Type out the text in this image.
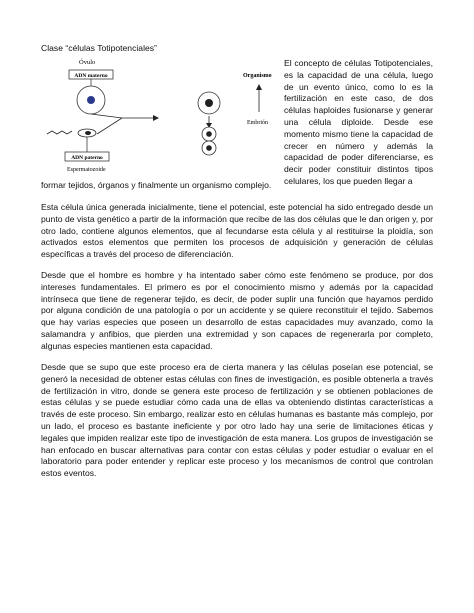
Clase “células Totipotenciales”
Óvulo
ADN materno
ADN paterno
Espermatozoide
Organismo
Embrión
El concepto de células Totipotenciales, es la capacidad de una célula, luego de un evento único, como lo es la fertilización en este caso, de dos células haploides fusionarse y generar una célula diploide. Desde ese momento mismo tiene la capacidad de crecer en número y además la capacidad de poder diferenciarse, es decir poder constituir distintos tipos celulares, los que pueden llegar a
formar tejidos, órganos y finalmente un organismo complejo.
Esta célula única generada inicialmente, tiene el potencial, este potencial ha sido entregado desde un punto de vista genético a partir de la información que recibe de las dos células que le dan origen y, por otro lado, contiene algunos elementos, que al fecundarse esta célula y al restituirse la ploidía, son activados estos elementos que permiten los procesos de adquisición y generación de células específicas a través del proceso de diferenciación.
Desde que el hombre es hombre y ha intentado saber cómo este fenómeno se produce, por dos intereses fundamentales. El primero es por el conocimiento mismo y además por la capacidad intrínseca que tiene de regenerar tejido, es decir, de poder suplir una función que hayamos perdido por alguna condición de una patología o por un accidente y se quiere reconstituir el tejido. Sabemos que hay varias especies que poseen un desarrollo de estas capacidades muy avanzado, como la salamandra y anfibios, que pierden una extremidad y son capaces de regenerarla por completo, algunas especies mantienen esta capacidad.
Desde que se supo que este proceso era de cierta manera y las células poseían ese potencial, se generó la necesidad de obtener estas células con fines de investigación, es posible obtenerla a través de fertilización in vitro, donde se genera este proceso de fertilización y se obtienen poblaciones de estas células y se puede estudiar cómo cada una de ellas va obteniendo distintas características a través de este proceso. Sin embargo, realizar esto en células humanas es bastante más complejo, por un lado, el proceso es bastante ineficiente y por otro lado hay una serie de limitaciones éticas y legales que impiden realizar este tipo de investigación de esta manera. Los grupos de investigación se han enfocado en buscar alternativas para contar con estas células y poder estudiar o evaluar en el laboratorio para poder entender y replicar este proceso y los mecanismos de control que controlan estos eventos.
